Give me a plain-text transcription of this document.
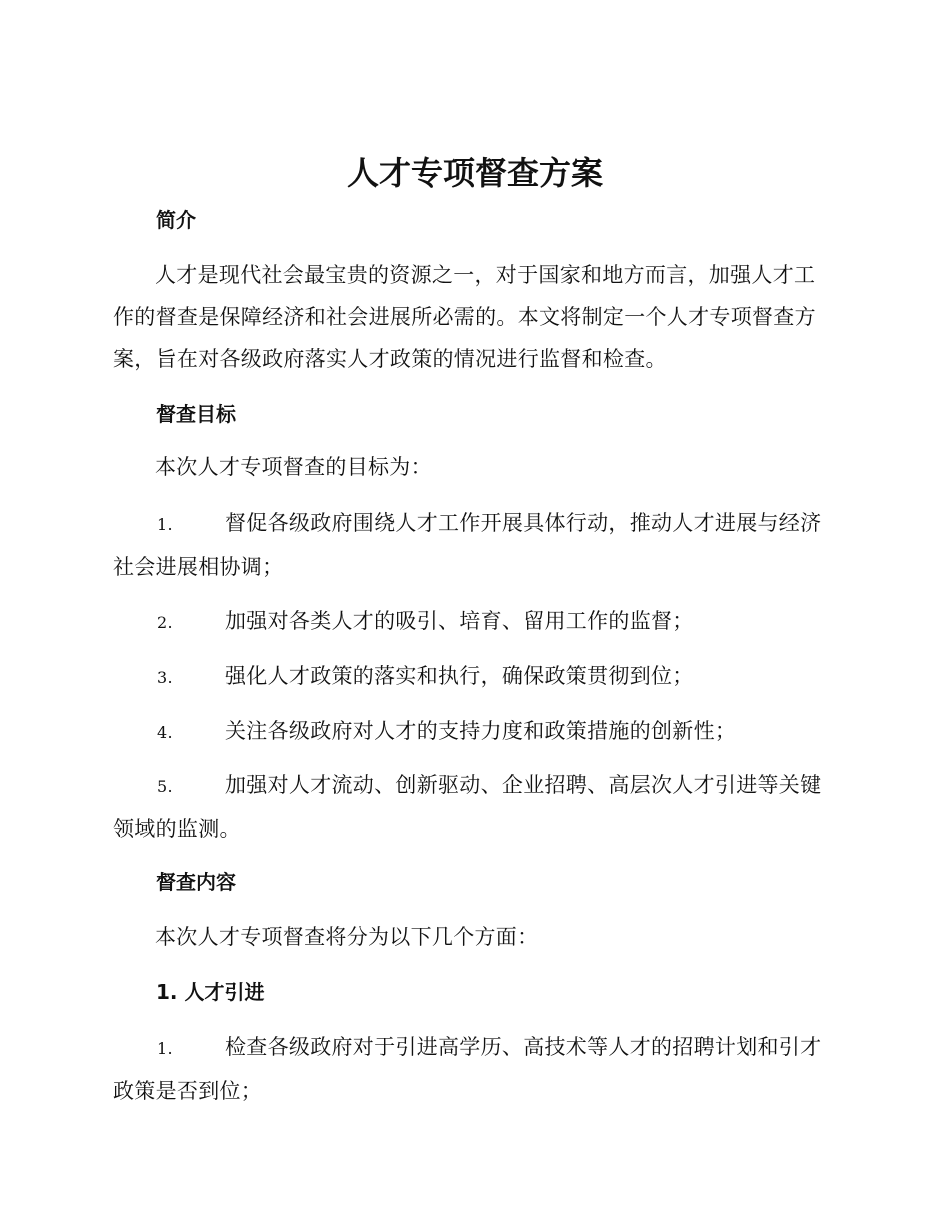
人才专项督查方案
简介

人才是现代社会最宝贵的资源之一，对于国家和地方而言，加强人才工作的督查是保障经济和社会进展所必需的。本文将制定一个人才专项督查方案，旨在对各级政府落实人才政策的情况进行监督和检查。

督查目标

本次人才专项督查的目标为：

1. 督促各级政府围绕人才工作开展具体行动，推动人才进展与经济社会进展相协调；

2. 加强对各类人才的吸引、培育、留用工作的监督；

3. 强化人才政策的落实和执行，确保政策贯彻到位；

4. 关注各级政府对人才的支持力度和政策措施的创新性；

5. 加强对人才流动、创新驱动、企业招聘、高层次人才引进等关键领域的监测。

督查内容

本次人才专项督查将分为以下几个方面：

1. 人才引进

1. 检查各级政府对于引进高学历、高技术等人才的招聘计划和引才政策是否到位；
